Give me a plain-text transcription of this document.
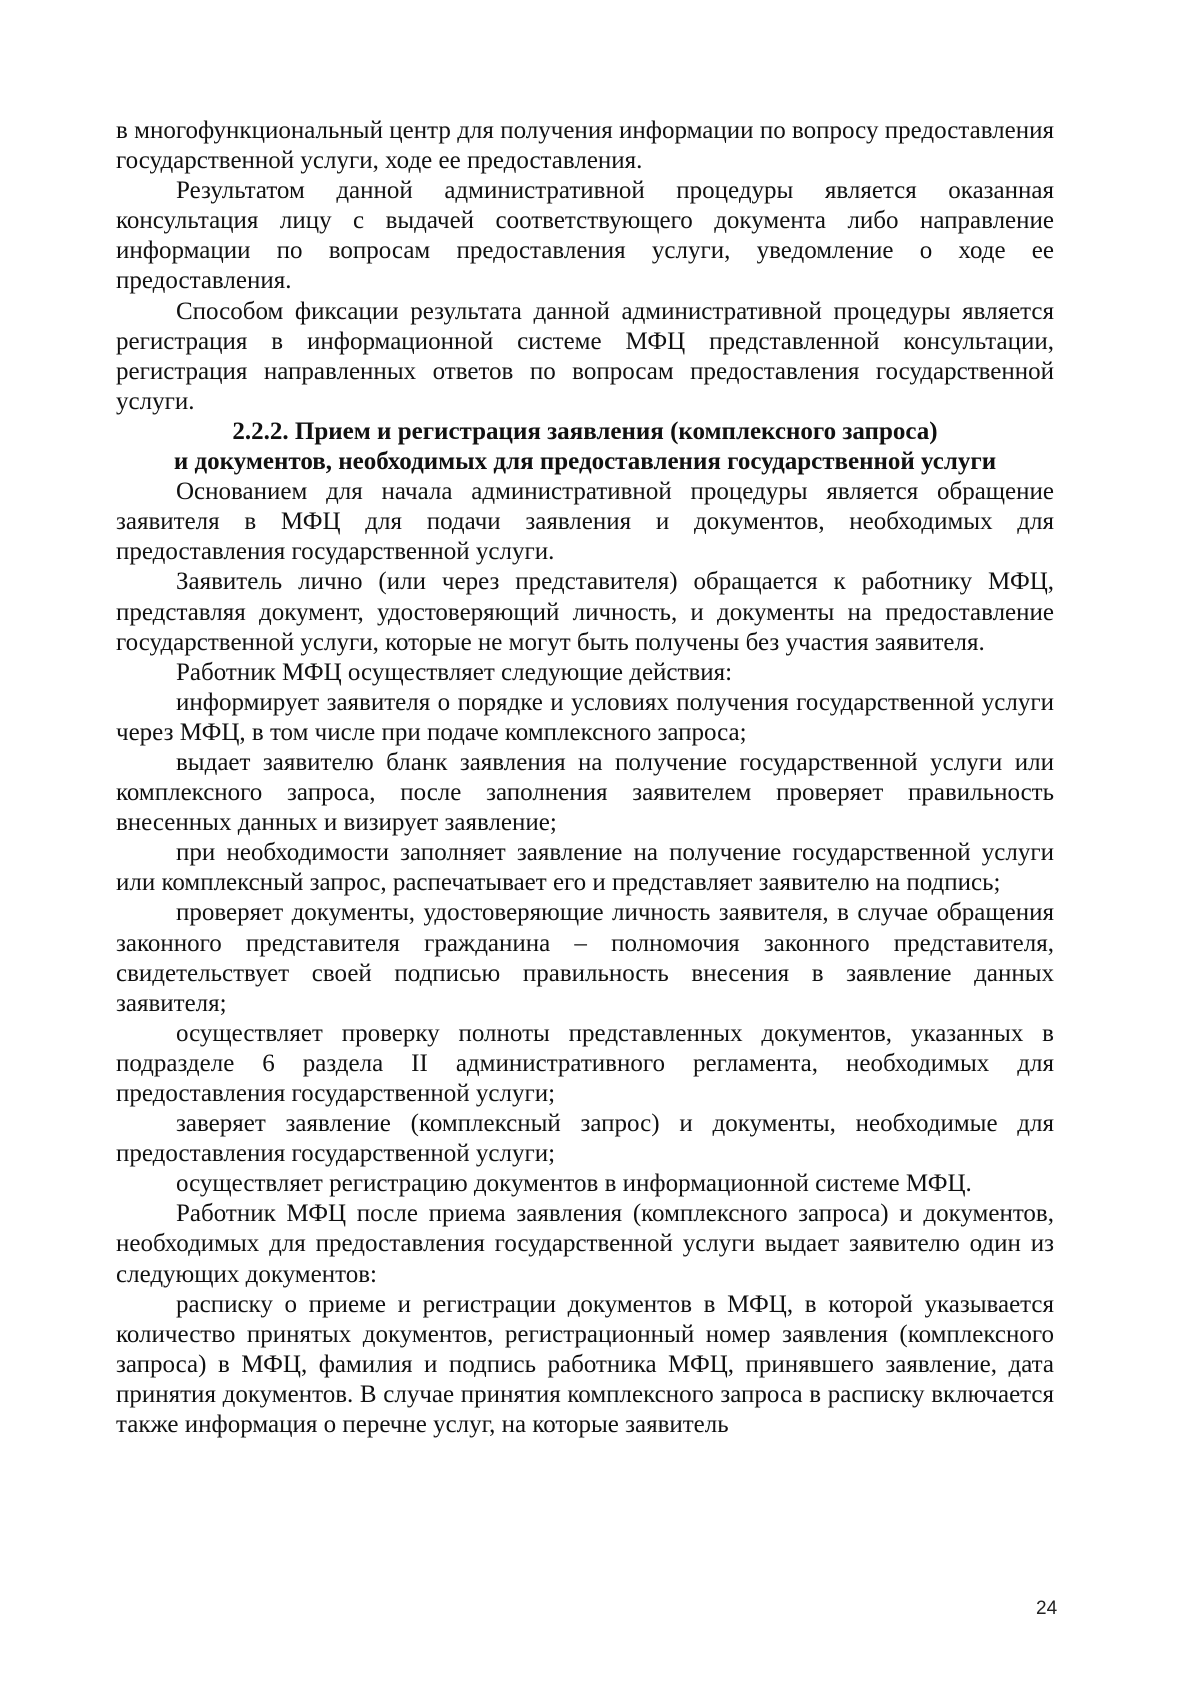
в многофункциональный центр для получения информации по вопросу предоставления государственной услуги, ходе ее предоставления.

Результатом данной административной процедуры является оказанная консультация лицу с выдачей соответствующего документа либо направление информации по вопросам предоставления услуги, уведомление о ходе ее предоставления.

Способом фиксации результата данной административной процедуры является регистрация в информационной системе МФЦ представленной консультации, регистрация направленных ответов по вопросам предоставления государственной услуги.

2.2.2. Прием и регистрация заявления (комплексного запроса)
и документов, необходимых для предоставления государственной услуги

Основанием для начала административной процедуры является обращение заявителя в МФЦ для подачи заявления и документов, необходимых для предоставления государственной услуги.

Заявитель лично (или через представителя) обращается к работнику МФЦ, представляя документ, удостоверяющий личность, и документы на предоставление государственной услуги, которые не могут быть получены без участия заявителя.

Работник МФЦ осуществляет следующие действия:

информирует заявителя о порядке и условиях получения государственной услуги через МФЦ, в том числе при подаче комплексного запроса;

выдает заявителю бланк заявления на получение государственной услуги или комплексного запроса, после заполнения заявителем проверяет правильность внесенных данных и визирует заявление;

при необходимости заполняет заявление на получение государственной услуги или комплексный запрос, распечатывает его и представляет заявителю на подпись;

проверяет документы, удостоверяющие личность заявителя, в случае обращения законного представителя гражданина – полномочия законного представителя, свидетельствует своей подписью правильность внесения в заявление данных заявителя;

осуществляет проверку полноты представленных документов, указанных в подразделе 6 раздела II административного регламента, необходимых для предоставления государственной услуги;

заверяет заявление (комплексный запрос) и документы, необходимые для предоставления государственной услуги;

осуществляет регистрацию документов в информационной системе МФЦ.

Работник МФЦ после приема заявления (комплексного запроса) и документов, необходимых для предоставления государственной услуги выдает заявителю один из следующих документов:

расписку о приеме и регистрации документов в МФЦ, в которой указывается количество принятых документов, регистрационный номер заявления (комплексного запроса) в МФЦ, фамилия и подпись работника МФЦ, принявшего заявление, дата принятия документов. В случае принятия комплексного запроса в расписку включается также информация о перечне услуг, на которые заявитель

24
